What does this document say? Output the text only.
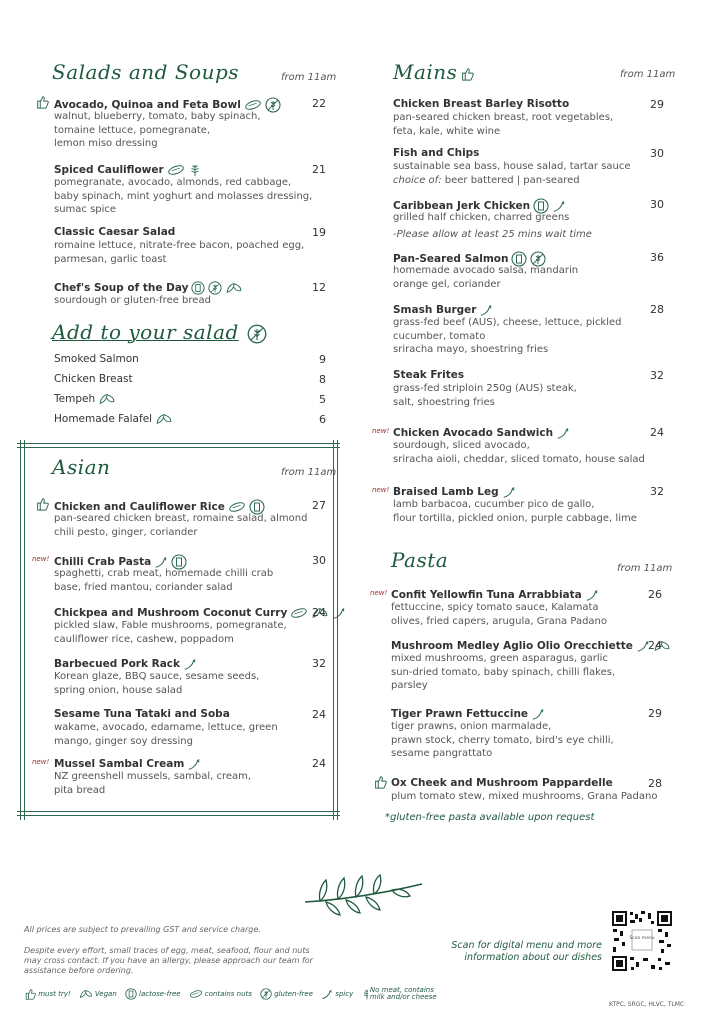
Salads and Soups	from 11am
Avocado, Quinoa and Feta Bowl	22
walnut, blueberry, tomato, baby spinach,
tomaine lettuce, pomegranate,
lemon miso dressing
Spiced Cauliflower	21
pomegranate, avocado, almonds, red cabbage,
baby spinach, mint yoghurt and molasses dressing,
sumac spice
Classic Caesar Salad	19
romaine lettuce, nitrate-free bacon, poached egg,
parmesan, garlic toast
Chef's Soup of the Day	12
sourdough or gluten-free bread
Add to your salad
Smoked Salmon	9
Chicken Breast	8
Tempeh	5
Homemade Falafel	6
Asian	from 11am
Chicken and Cauliflower Rice	27
pan-seared chicken breast, romaine salad, almond
chili pesto, ginger, coriander
new! Chilli Crab Pasta	30
spaghetti, crab meat, homemade chilli crab
base, fried mantou, coriander salad
Chickpea and Mushroom Coconut Curry	24
pickled slaw, Fable mushrooms, pomegranate,
cauliflower rice, cashew, poppadom
Barbecued Pork Rack	32
Korean glaze, BBQ sauce, sesame seeds,
spring onion, house salad
Sesame Tuna Tataki and Soba	24
wakame, avocado, edamame, lettuce, green
mango, ginger soy dressing
new! Mussel Sambal Cream	24
NZ greenshell mussels, sambal, cream,
pita bread
Mains	from 11am
Chicken Breast Barley Risotto	29
pan-seared chicken breast, root vegetables,
feta, kale, white wine
Fish and Chips	30
sustainable sea bass, house salad, tartar sauce
choice of: beer battered | pan-seared
Caribbean Jerk Chicken	30
grilled half chicken, charred greens
-Please allow at least 25 mins wait time
Pan-Seared Salmon	36
homemade avocado salsa, mandarin
orange gel, coriander
Smash Burger	28
grass-fed beef (AUS), cheese, lettuce, pickled
cucumber, tomato
sriracha mayo, shoestring fries
Steak Frites	32
grass-fed striploin 250g (AUS) steak,
salt, shoestring fries
new! Chicken Avocado Sandwich	24
sourdough, sliced avocado,
sriracha aioli, cheddar, sliced tomato, house salad
new! Braised Lamb Leg	32
lamb barbacoa, cucumber pico de gallo,
flour tortilla, pickled onion, purple cabbage, lime
Pasta	from 11am
new! Confit Yellowfin Tuna Arrabbiata	26
fettuccine, spicy tomato sauce, Kalamata
olives, fried capers, arugula, Grana Padano
Mushroom Medley Aglio Olio Orecchiette	24
mixed mushrooms, green asparagus, garlic
sun-dried tomato, baby spinach, chilli flakes,
parsley
Tiger Prawn Fettuccine	29
tiger prawns, onion marmalade,
prawn stock, cherry tomato, bird's eye chilli,
sesame pangrattato
Ox Cheek and Mushroom Pappardelle	28
plum tomato stew, mixed mushrooms, Grana Padano
*gluten-free pasta available upon request
All prices are subject to prevailing GST and service charge.
Despite every effort, small traces of egg, meat, seafood, flour and nuts
may cross contact. If you have an allergy, please approach our team for
assistance before ordering.
Scan for digital menu and more
information about our dishes
Scan menu

must try!
	Vegan
	lactose-free
	contains nuts
	gluten-free
	spicy
No meat, contains milk and/or cheese
KTPC, SRGC, HLVC, TLMC
